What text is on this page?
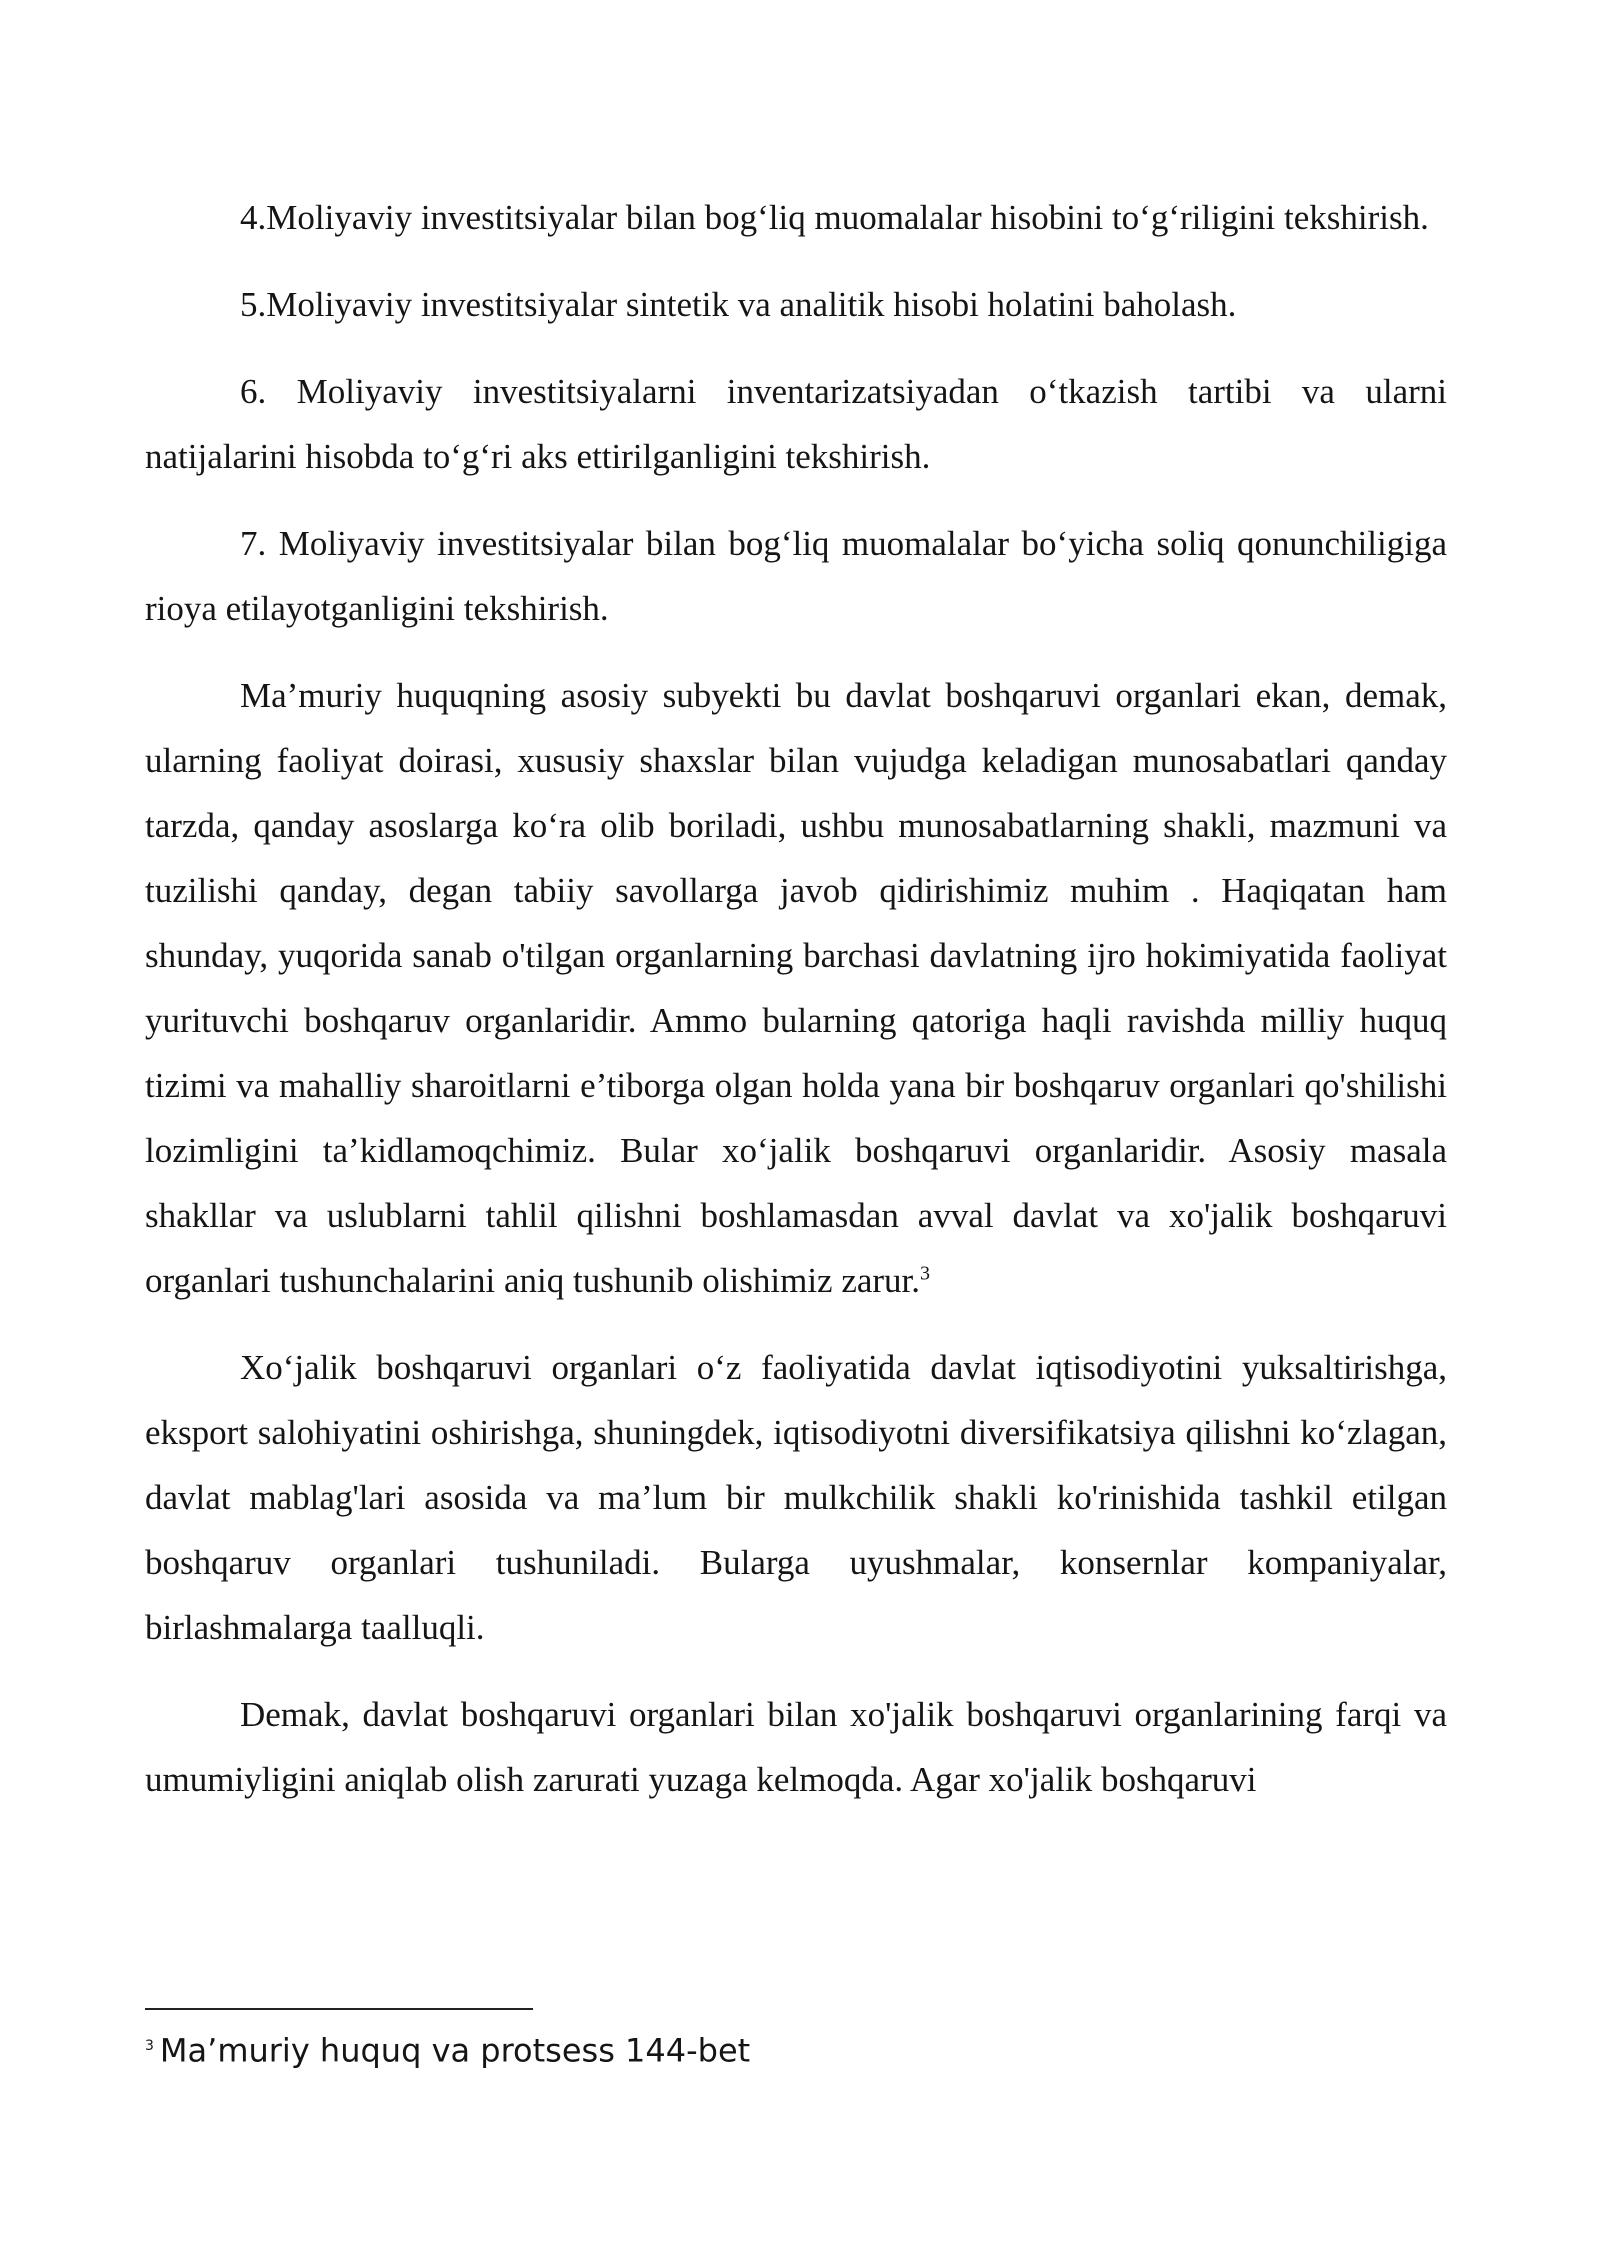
4.Moliyaviy investitsiyalar bilan bog‘liq muomalalar hisobini to‘g‘riligini tekshirish.

5.Moliyaviy investitsiyalar sintetik va analitik hisobi holatini baholash.

6. Moliyaviy investitsiyalarni inventarizatsiyadan o‘tkazish tartibi va ularni natijalarini hisobda to‘g‘ri aks ettirilganligini tekshirish.

7. Moliyaviy investitsiyalar bilan bog‘liq muomalalar bo‘yicha soliq qonunchiligiga rioya etilayotganligini tekshirish.

Ma’muriy huquqning asosiy subyekti bu davlat boshqaruvi organlari ekan, demak, ularning faoliyat doirasi, xususiy shaxslar bilan vujudga keladigan munosabatlari qanday tarzda, qanday asoslarga ko‘ra olib boriladi, ushbu munosabatlarning shakli, mazmuni va tuzilishi qanday, degan tabiiy savollarga javob qidirishimiz muhim . Haqiqatan ham shunday, yuqorida sanab o'tilgan organlarning barchasi davlatning ijro hokimiyatida faoliyat yurituvchi boshqaruv organlaridir. Ammo bularning qatoriga haqli ravishda milliy huquq tizimi va mahalliy sharoitlarni e’tiborga olgan holda yana bir boshqaruv organlari qo'shilishi lozimligini ta’kidlamoqchimiz. Bular xo‘jalik boshqaruvi organlaridir. Asosiy masala shakllar va uslublarni tahlil qilishni boshlamasdan avval davlat va xo'jalik boshqaruvi organlari tushunchalarini aniq tushunib olishimiz zarur.$^3$

Xo‘jalik boshqaruvi organlari o‘z faoliyatida davlat iqtisodiyotini yuksaltirishga, eksport salohiyatini oshirishga, shuningdek, iqtisodiyotni diversifikatsiya qilishni ko‘zlagan, davlat mablag'lari asosida va ma’lum bir mulkchilik shakli ko'rinishida tashkil etilgan boshqaruv organlari tushuniladi. Bularga uyushmalar, konsernlar kompaniyalar, birlashmalarga taalluqli.

Demak, davlat boshqaruvi organlari bilan xo'jalik boshqaruvi organlarining farqi va umumiyligini aniqlab olish zarurati yuzaga kelmoqda. Agar xo'jalik boshqaruvi

$^3$ Ma’muriy huquq va protsess 144-bet
